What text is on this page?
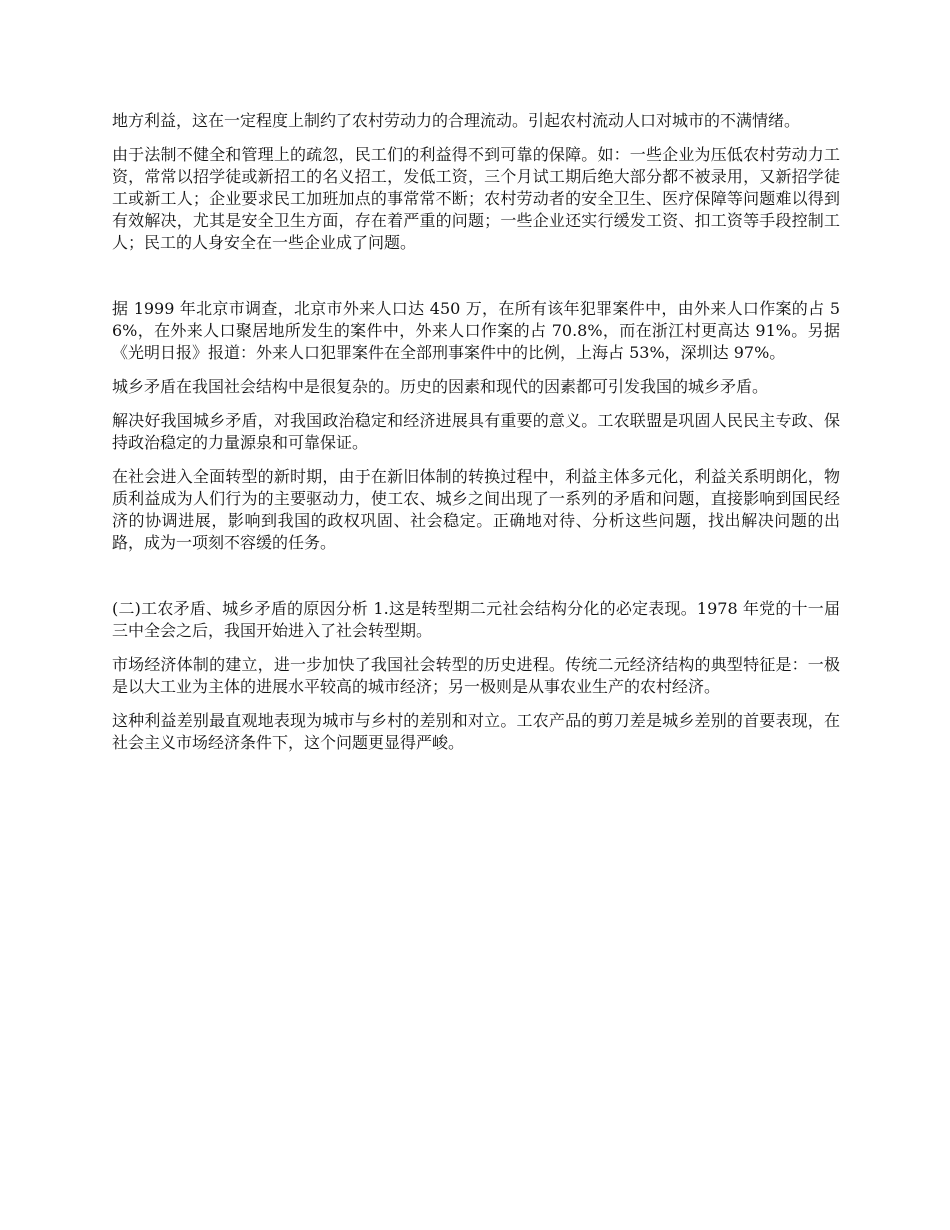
地方利益，这在一定程度上制约了农村劳动力的合理流动。引起农村流动人口对城市的不满情绪。

由于法制不健全和管理上的疏忽，民工们的利益得不到可靠的保障。如：一些企业为压低农村劳动力工资，常常以招学徒或新招工的名义招工，发低工资，三个月试工期后绝大部分都不被录用，又新招学徒工或新工人；企业要求民工加班加点的事常常不断；农村劳动者的安全卫生、医疗保障等问题难以得到有效解决，尤其是安全卫生方面，存在着严重的问题；一些企业还实行缓发工资、扣工资等手段控制工人；民工的人身安全在一些企业成了问题。

据 1999 年北京市调查，北京市外来人口达 450 万，在所有该年犯罪案件中，由外来人口作案的占 56%，在外来人口聚居地所发生的案件中，外来人口作案的占 70.8%，而在浙江村更高达 91%。另据《光明日报》报道：外来人口犯罪案件在全部刑事案件中的比例，上海占 53%，深圳达 97%。

城乡矛盾在我国社会结构中是很复杂的。历史的因素和现代的因素都可引发我国的城乡矛盾。

解决好我国城乡矛盾，对我国政治稳定和经济进展具有重要的意义。工农联盟是巩固人民民主专政、保持政治稳定的力量源泉和可靠保证。

在社会进入全面转型的新时期，由于在新旧体制的转换过程中，利益主体多元化，利益关系明朗化，物质利益成为人们行为的主要驱动力，使工农、城乡之间出现了一系列的矛盾和问题，直接影响到国民经济的协调进展，影响到我国的政权巩固、社会稳定。正确地对待、分析这些问题，找出解决问题的出路，成为一项刻不容缓的任务。

(二)工农矛盾、城乡矛盾的原因分析 1.这是转型期二元社会结构分化的必定表现。1978 年党的十一届三中全会之后，我国开始进入了社会转型期。

市场经济体制的建立，进一步加快了我国社会转型的历史进程。传统二元经济结构的典型特征是：一极是以大工业为主体的进展水平较高的城市经济；另一极则是从事农业生产的农村经济。

这种利益差别最直观地表现为城市与乡村的差别和对立。工农产品的剪刀差是城乡差别的首要表现，在社会主义市场经济条件下，这个问题更显得严峻。
